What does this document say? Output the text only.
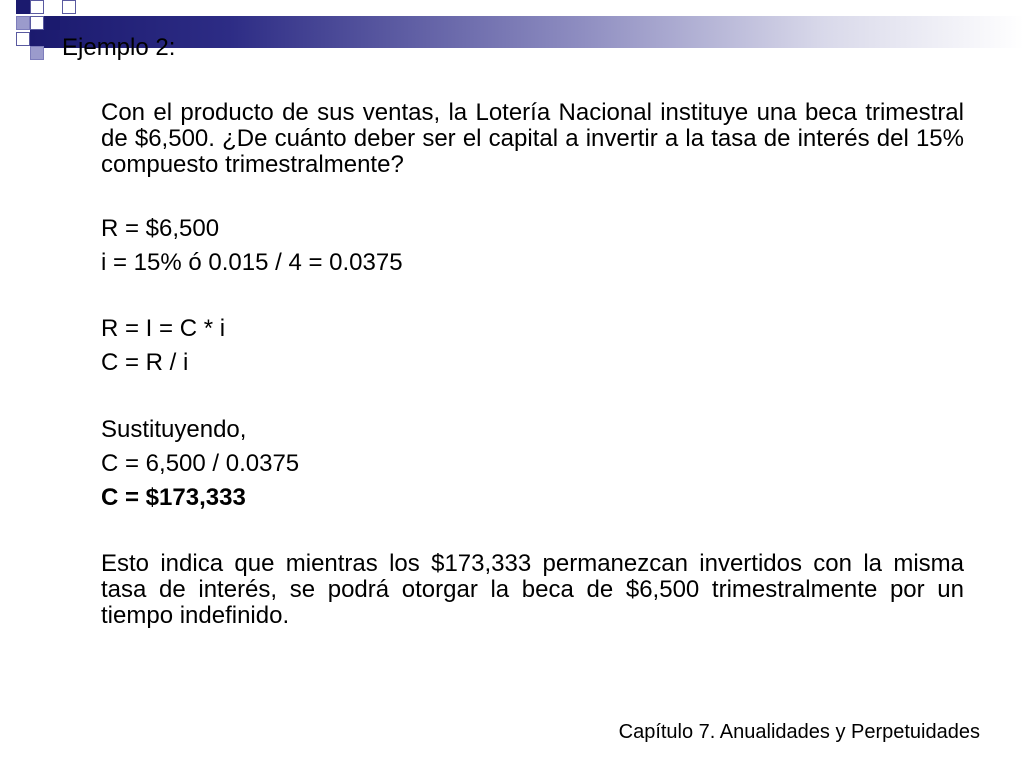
Ejemplo 2:

Con el producto de sus ventas, la Lotería Nacional instituye una beca trimestral de $6,500. ¿De cuánto deber ser el capital a invertir a la tasa de interés del 15% compuesto trimestralmente?

R = $6,500

i = 15% ó 0.015 / 4 = 0.0375

R = I = C * i

C = R / i

Sustituyendo,

C = 6,500 / 0.0375

C = $173,333

Esto indica que mientras los $173,333 permanezcan invertidos con la misma tasa de interés, se podrá otorgar la beca de $6,500 trimestralmente por un tiempo indefinido.

Capítulo 7. Anualidades y Perpetuidades
